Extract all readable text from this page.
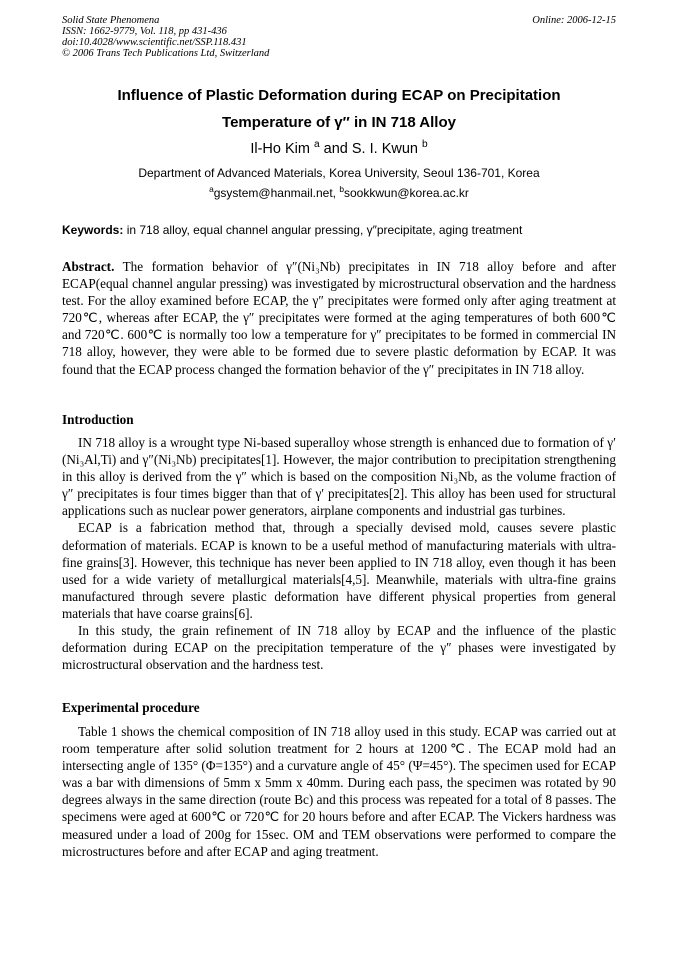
Solid State Phenomena
ISSN: 1662-9779, Vol. 118, pp 431-436
doi:10.4028/www.scientific.net/SSP.118.431
© 2006 Trans Tech Publications Ltd, Switzerland
Online: 2006-12-15
Influence of Plastic Deformation during ECAP on Precipitation
Temperature of γ″ in IN 718 Alloy
Il-Ho Kim $^a$ and S. I. Kwun $^b$
Department of Advanced Materials, Korea University, Seoul 136-701, Korea
$^a$gsystem@hanmail.net, $^b$sookkwun@korea.ac.kr
Keywords: in 718 alloy, equal channel angular pressing, γ″precipitate, aging treatment
Abstract. The formation behavior of γ″(Ni₃Nb) precipitates in IN 718 alloy before and after ECAP(equal channel angular pressing) was investigated by microstructural observation and the hardness test. For the alloy examined before ECAP, the γ″ precipitates were formed only after aging treatment at 720℃, whereas after ECAP, the γ″ precipitates were formed at the aging temperatures of both 600℃ and 720℃. 600℃ is normally too low a temperature for γ″ precipitates to be formed in commercial IN 718 alloy, however, they were able to be formed due to severe plastic deformation by ECAP. It was found that the ECAP process changed the formation behavior of the γ″ precipitates in IN 718 alloy.
Introduction

IN 718 alloy is a wrought type Ni-based superalloy whose strength is enhanced due to formation of γ′(Ni₃Al,Ti) and γ″(Ni₃Nb) precipitates[1]. However, the major contribution to precipitation strengthening in this alloy is derived from the γ″ which is based on the composition Ni₃Nb, as the volume fraction of γ″ precipitates is four times bigger than that of γ′ precipitates[2]. This alloy has been used for structural applications such as nuclear power generators, airplane components and industrial gas turbines.

ECAP is a fabrication method that, through a specially devised mold, causes severe plastic deformation of materials. ECAP is known to be a useful method of manufacturing materials with ultra-fine grains[3]. However, this technique has never been applied to IN 718 alloy, even though it has been used for a wide variety of metallurgical materials[4,5]. Meanwhile, materials with ultra-fine grains manufactured through severe plastic deformation have different physical properties from general materials that have coarse grains[6].

In this study, the grain refinement of IN 718 alloy by ECAP and the influence of the plastic deformation during ECAP on the precipitation temperature of the γ″ phases were investigated by microstructural observation and the hardness test.

Experimental procedure

Table 1 shows the chemical composition of IN 718 alloy used in this study. ECAP was carried out at room temperature after solid solution treatment for 2 hours at 1200℃. The ECAP mold had an intersecting angle of 135° (Φ=135°) and a curvature angle of 45° (Ψ=45°). The specimen used for ECAP was a bar with dimensions of 5mm x 5mm x 40mm. During each pass, the specimen was rotated by 90 degrees always in the same direction (route Bc) and this process was repeated for a total of 8 passes. The specimens were aged at 600℃ or 720℃ for 20 hours before and after ECAP. The Vickers hardness was measured under a load of 200g for 15sec. OM and TEM observations were performed to compare the microstructures before and after ECAP and aging treatment.
